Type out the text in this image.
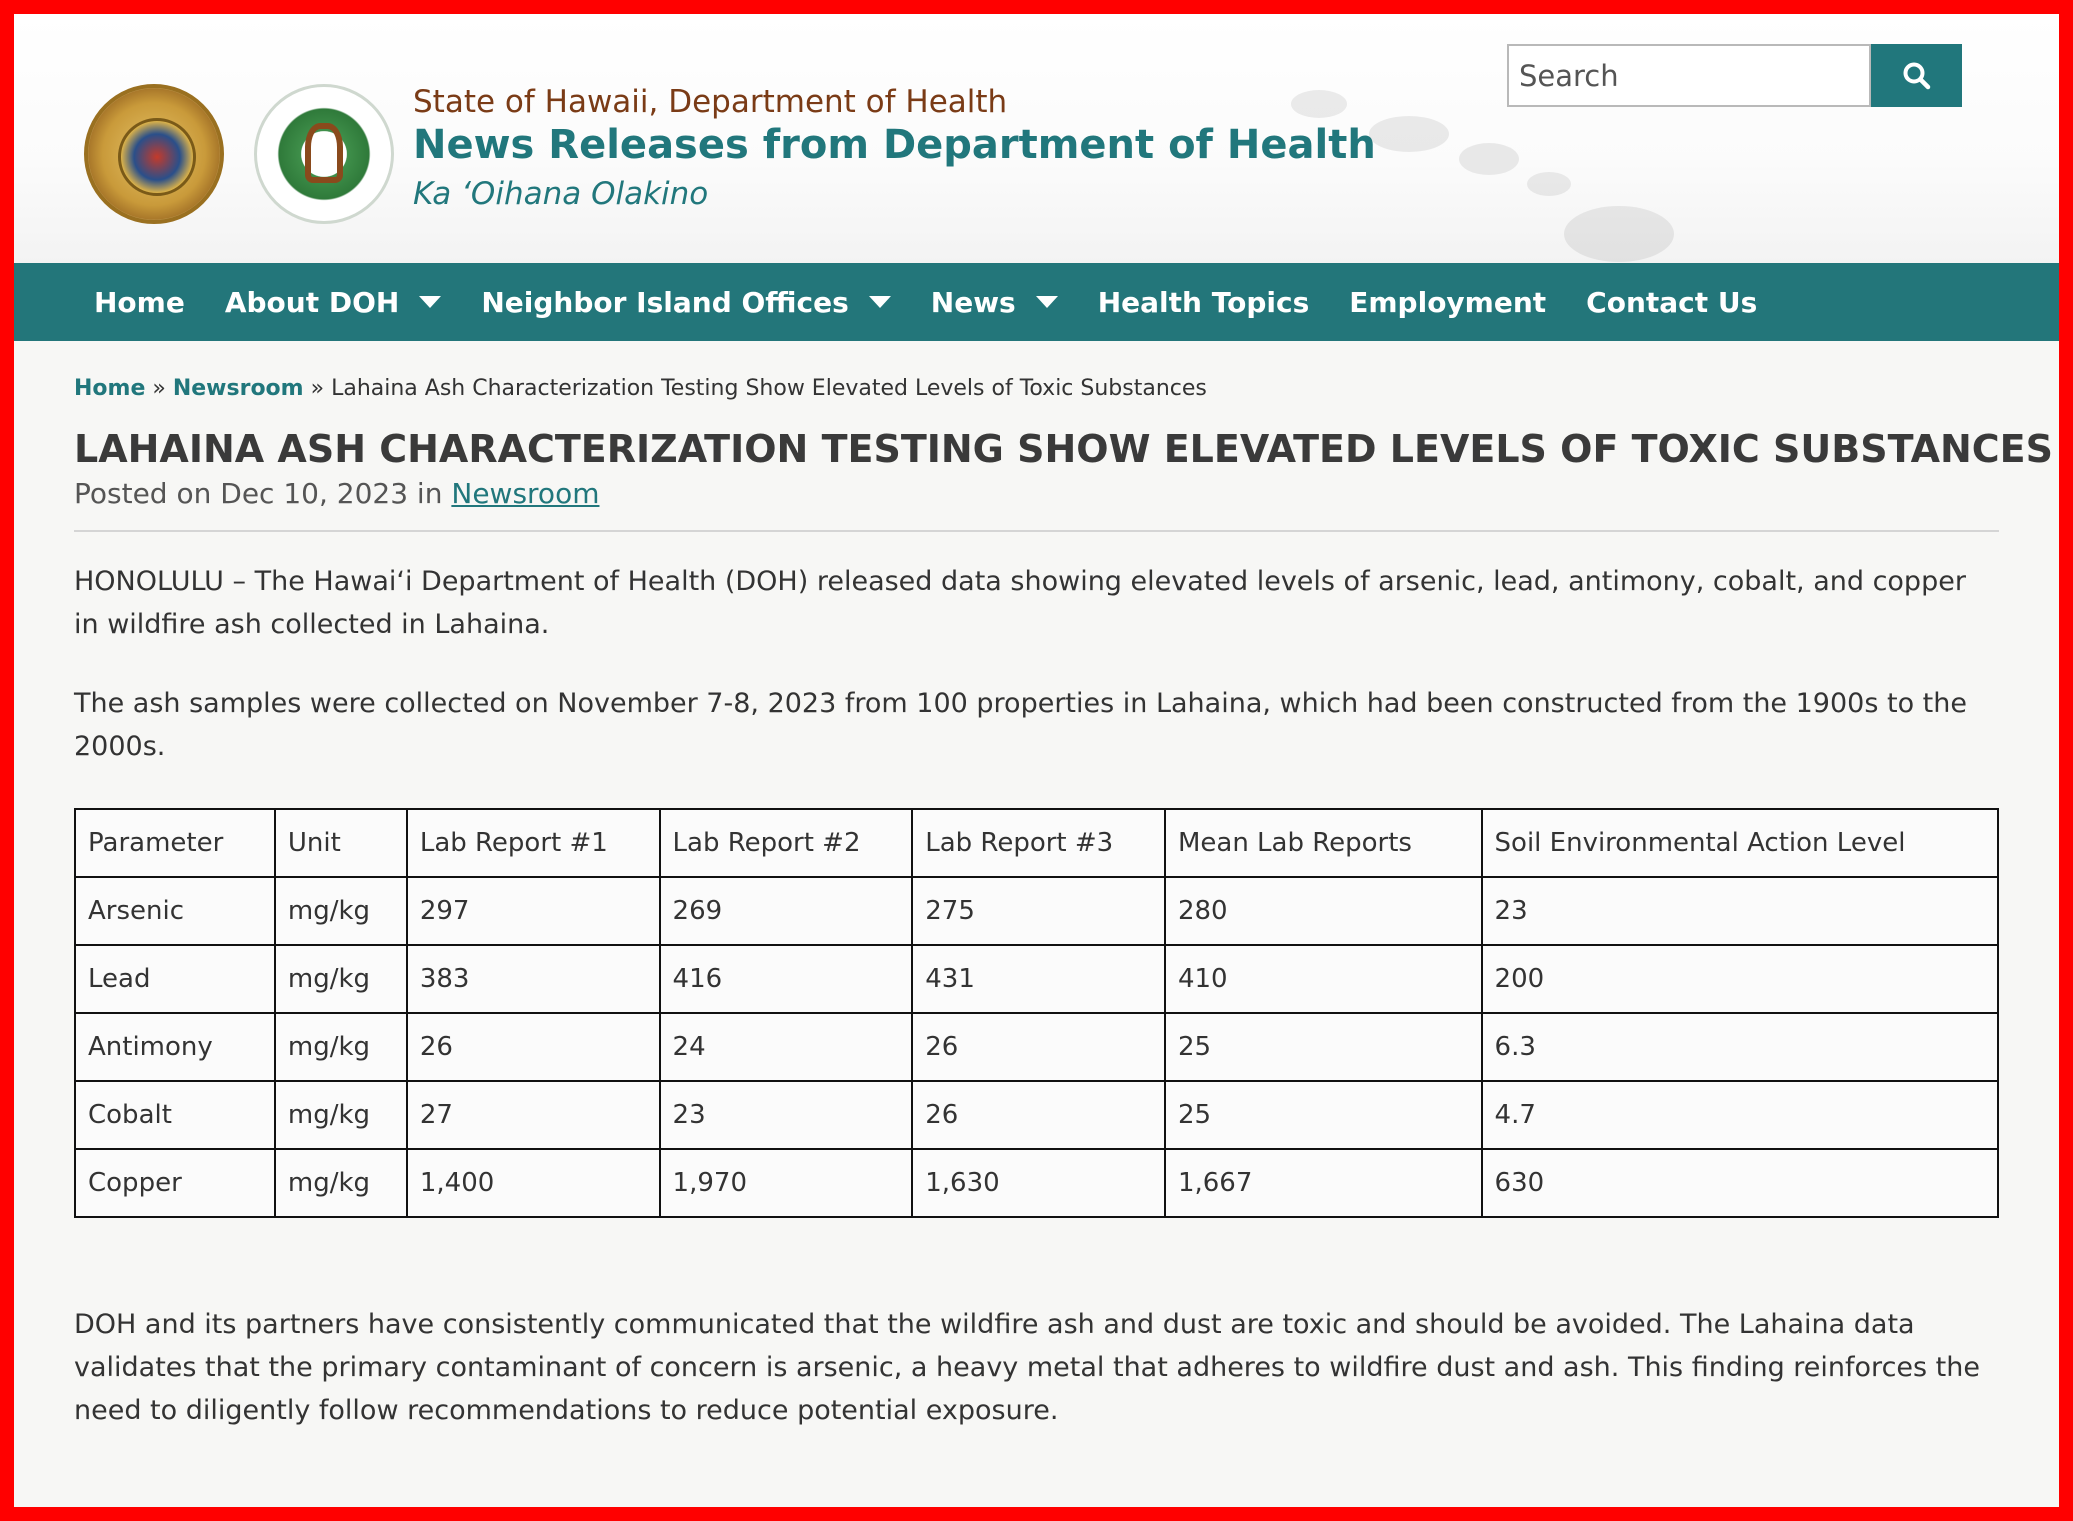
State of Hawaii, Department of Health
News Releases from Department of Health
Ka ʻOihana Olakino
Search
Home About DOH	Neighbor Island Offices	News	Health Topics Employment Contact Us
Home » Newsroom » Lahaina Ash Characterization Testing Show Elevated Levels of Toxic Substances
LAHAINA ASH CHARACTERIZATION TESTING SHOW ELEVATED LEVELS OF TOXIC SUBSTANCES
Posted on Dec 10, 2023 in Newsroom

HONOLULU – The Hawaiʻi Department of Health (DOH) released data showing elevated levels of arsenic, lead, antimony, cobalt, and copper in wildfire ash collected in Lahaina.

The ash samples were collected on November 7-8, 2023 from 100 properties in Lahaina, which had been constructed from the 1900s to the 2000s.

Parameter	Unit	Lab Report #1	Lab Report #2	Lab Report #3	Mean Lab Reports	Soil Environmental Action Level
Arsenic	mg/kg	297	269	275	280	23
Lead	mg/kg	383	416	431	410	200
Antimony	mg/kg	26	24	26	25	6.3
Cobalt	mg/kg	27	23	26	25	4.7
Copper	mg/kg	1,400	1,970	1,630	1,667	630

DOH and its partners have consistently communicated that the wildfire ash and dust are toxic and should be avoided. The Lahaina data validates that the primary contaminant of concern is arsenic, a heavy metal that adheres to wildfire dust and ash. This finding reinforces the need to diligently follow recommendations to reduce potential exposure.
